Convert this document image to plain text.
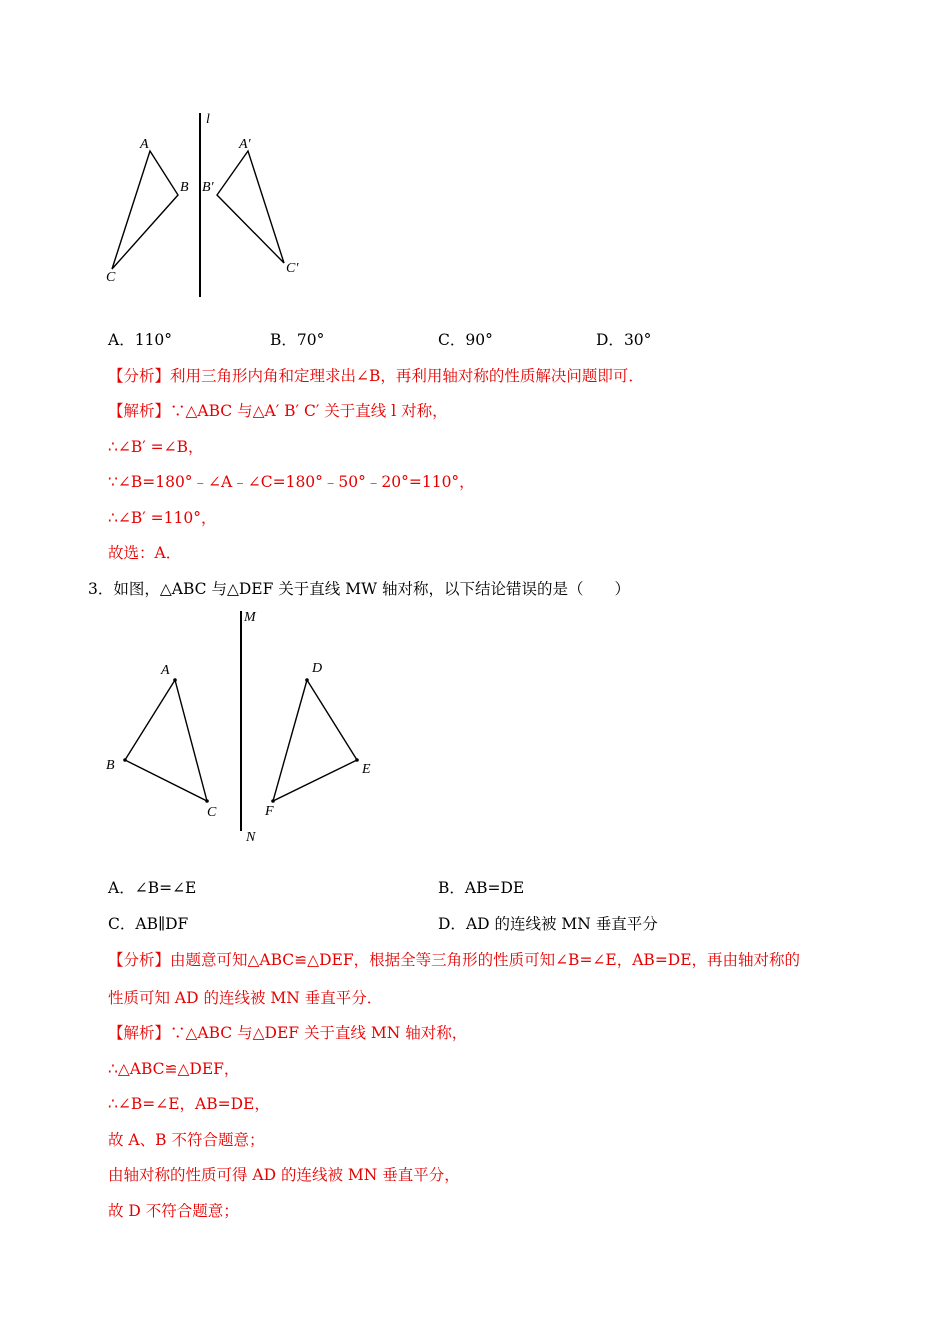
l
A
B
C
A′
B′
C′
A．110°	B．70°	C．90°	D．30°
【分析】利用三角形内角和定理求出∠B，再利用轴对称的性质解决问题即可．
【解析】∵△ABC 与△A′ B′ C′ 关于直线 l 对称，
∴∠B′ =∠B，
∵∠B=180°﹣∠A﹣∠C=180°﹣50°﹣20°=110°，
∴∠B′ =110°，
故选：A．
3．如图，△ABC 与△DEF 关于直线 MW 轴对称，以下结论错误的是（　　）
M
N
A
B
C
D
E
F
A．∠B=∠E	B．AB=DE
C．AB∥DF	D．AD 的连线被 MN 垂直平分
【分析】由题意可知△ABC≌△DEF，根据全等三角形的性质可知∠B=∠E，AB=DE，再由轴对称的
性质可知 AD 的连线被 MN 垂直平分．
【解析】∵△ABC 与△DEF 关于直线 MN 轴对称，
∴△ABC≌△DEF，
∴∠B=∠E，AB=DE，
故 A、B 不符合题意；
由轴对称的性质可得 AD 的连线被 MN 垂直平分，
故 D 不符合题意；
